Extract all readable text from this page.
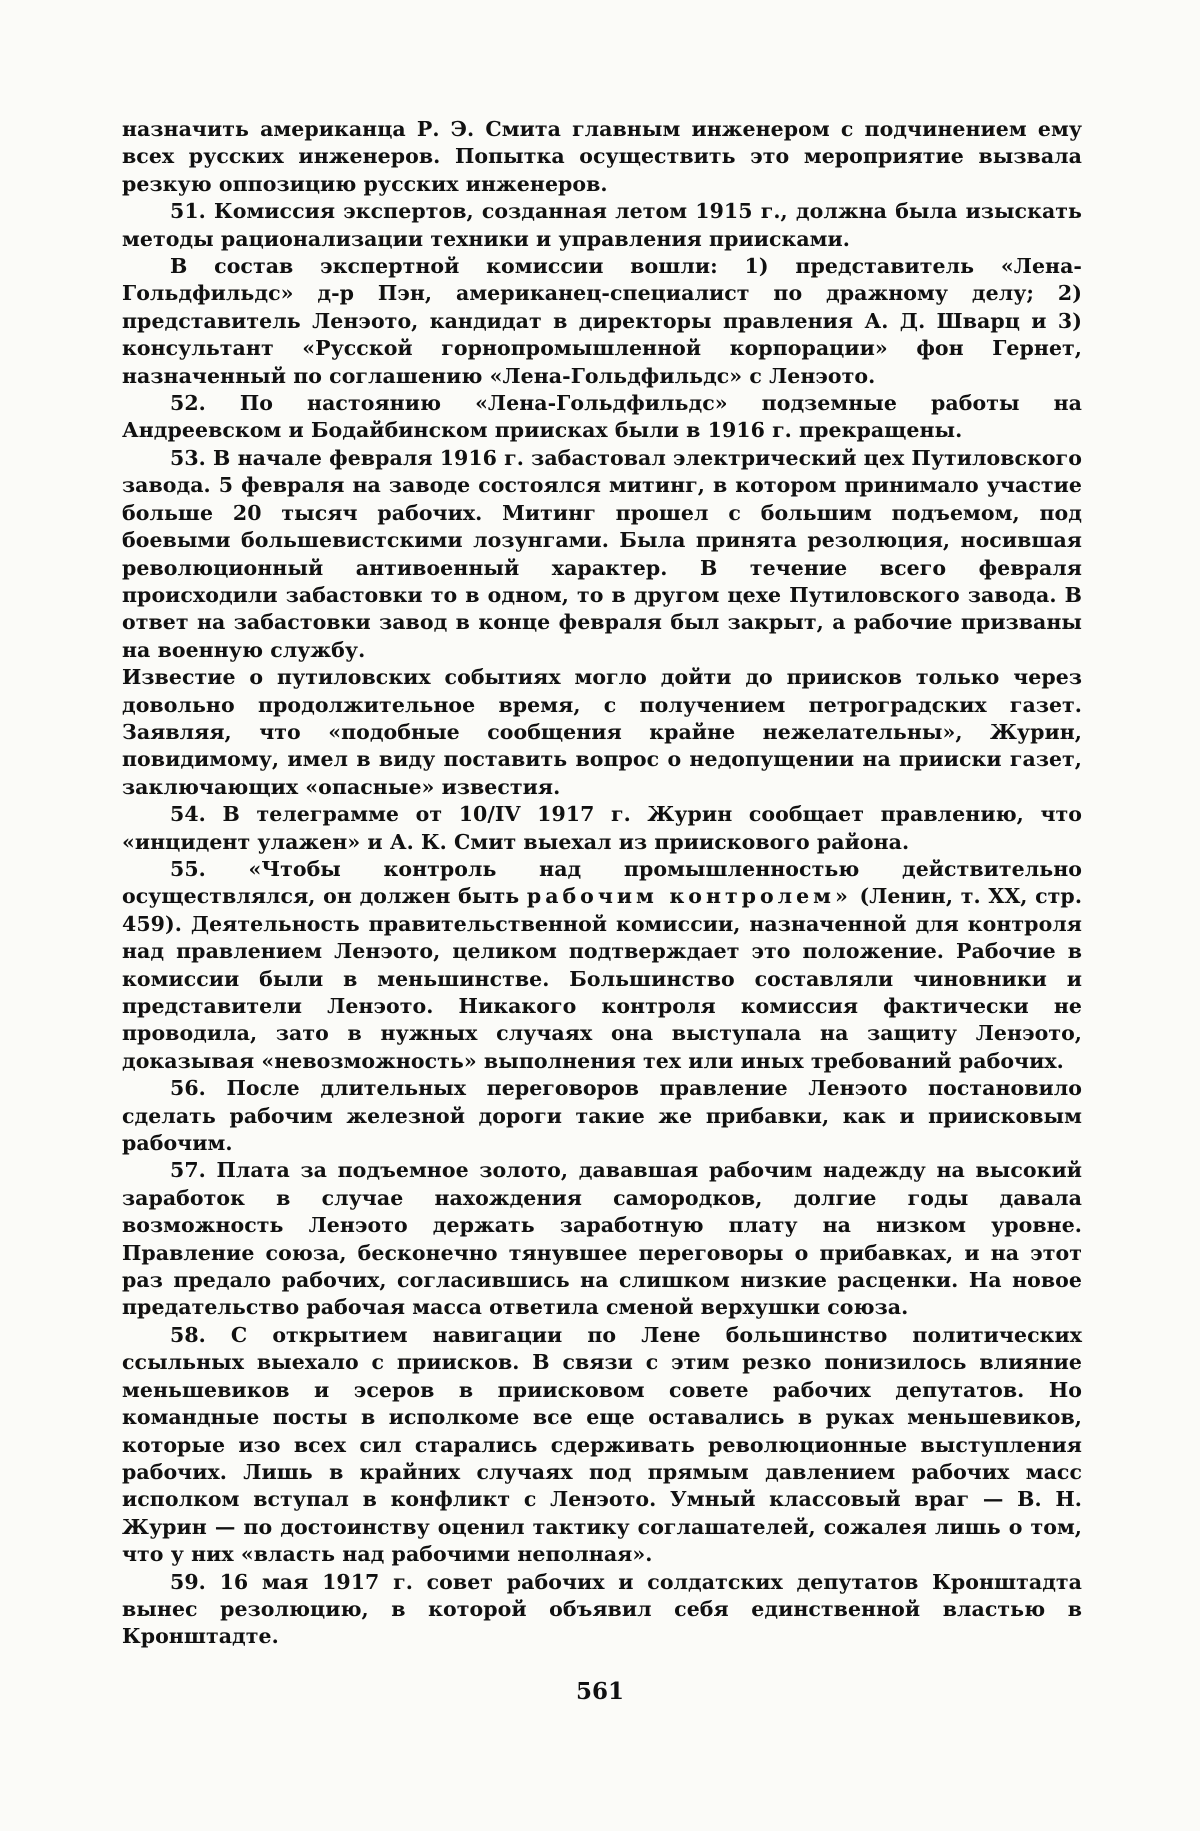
назначить американца Р. Э. Смита главным инженером с подчинением ему всех русских инженеров. Попытка осуществить это мероприятие вызвала резкую оппозицию русских инженеров.

51. Комиссия экспертов, созданная летом 1915 г., должна была изыскать методы рационализации техники и управления приисками.

В состав экспертной комиссии вошли: 1) представитель «Лена-Гольдфильдс» д-р Пэн, американец-специалист по дражному делу; 2) представитель Ленэото, кандидат в директоры правления А. Д. Шварц и 3) консультант «Русской горнопромышленной корпорации» фон Гернет, назначенный по соглашению «Лена-Гольдфильдс» с Ленэото.

52. По настоянию «Лена-Гольдфильдс» подземные работы на Андреевском и Бодайбинском приисках были в 1916 г. прекращены.

53. В начале февраля 1916 г. забастовал электрический цех Путиловского завода. 5 февраля на заводе состоялся митинг, в котором принимало участие больше 20 тысяч рабочих. Митинг прошел с большим подъемом, под боевыми большевистскими лозунгами. Была принята резолюция, носившая революционный антивоенный характер. В течение всего февраля происходили забастовки то в одном, то в другом цехе Путиловского завода. В ответ на забастовки завод в конце февраля был закрыт, а рабочие призваны на военную службу.

Известие о путиловских событиях могло дойти до приисков только через довольно продолжительное время, с получением петроградских газет. Заявляя, что «подобные сообщения крайне нежелательны», Журин, повидимому, имел в виду поставить вопрос о недопущении на прииски газет, заключающих «опасные» известия.

54. В телеграмме от 10/IV 1917 г. Журин сообщает правлению, что «инцидент улажен» и А. К. Смит выехал из приискового района.

55. «Чтобы контроль над промышленностью действительно осуществлялся, он должен быть рабочим контролем» (Ленин, т. XX, стр. 459). Деятельность правительственной комиссии, назначенной для контроля над правлением Ленэото, целиком подтверждает это положение. Рабочие в комиссии были в меньшинстве. Большинство составляли чиновники и представители Ленэото. Никакого контроля комиссия фактически не проводила, зато в нужных случаях она выступала на защиту Ленэото, доказывая «невозможность» выполнения тех или иных требований рабочих.

56. После длительных переговоров правление Ленэото постановило сделать рабочим железной дороги такие же прибавки, как и приисковым рабочим.

57. Плата за подъемное золото, дававшая рабочим надежду на высокий заработок в случае нахождения самородков, долгие годы давала возможность Ленэото держать заработную плату на низком уровне. Правление союза, бесконечно тянувшее переговоры о прибавках, и на этот раз предало рабочих, согласившись на слишком низкие расценки. На новое предательство рабочая масса ответила сменой верхушки союза.

58. С открытием навигации по Лене большинство политических ссыльных выехало с приисков. В связи с этим резко понизилось влияние меньшевиков и эсеров в приисковом совете рабочих депутатов. Но командные посты в исполкоме все еще оставались в руках меньшевиков, которые изо всех сил старались сдерживать революционные выступления рабочих. Лишь в крайних случаях под прямым давлением рабочих масс исполком вступал в конфликт с Ленэото. Умный классовый враг — В. Н. Журин — по достоинству оценил тактику соглашателей, сожалея лишь о том, что у них «власть над рабочими неполная».

59. 16 мая 1917 г. совет рабочих и солдатских депутатов Кронштадта вынес резолюцию, в которой объявил себя единственной властью в Кронштадте.

561
